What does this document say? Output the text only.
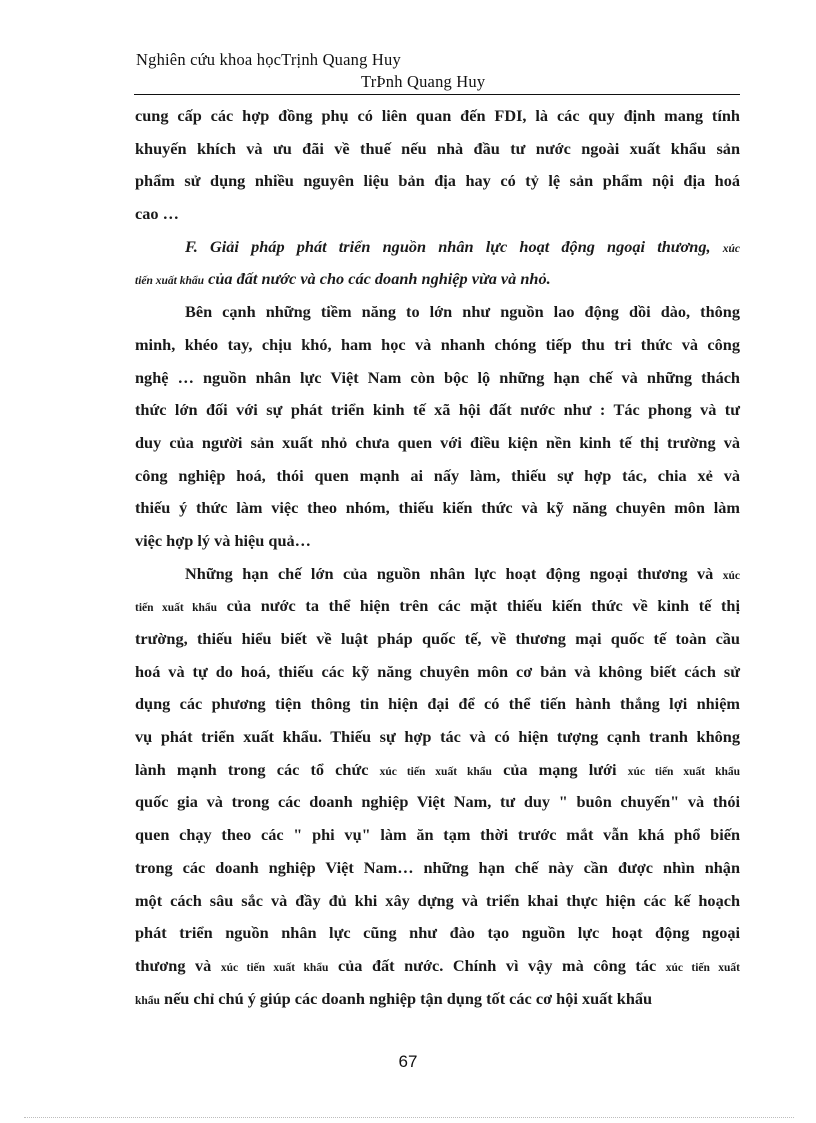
Nghiên cứu khoa họcTrịnh Quang Huy
TrÞnh Quang Huy
cung cấp các hợp đồng phụ có liên quan đến FDI, là các quy định mang tính
khuyến khích và ưu đãi về thuế nếu nhà đầu tư nước ngoài xuất khẩu sản
phẩm sử dụng nhiều nguyên liệu bản địa hay có tỷ lệ sản phẩm nội địa hoá
cao …
F. Giải pháp phát triển nguồn nhân lực hoạt động ngoại thương, xúc
tiến xuất khẩu của đất nước và cho các doanh nghiệp vừa và nhỏ.
Bên cạnh những tiềm năng to lớn như nguồn lao động dồi dào, thông
minh, khéo tay, chịu khó, ham học và nhanh chóng tiếp thu tri thức và công
nghệ … nguồn nhân lực Việt Nam còn bộc lộ những hạn chế và những thách
thức lớn đối với sự phát triển kinh tế xã hội đất nước như : Tác phong và tư
duy của người sản xuất nhỏ chưa quen với điều kiện nền kinh tế thị trường và
công nghiệp hoá, thói quen mạnh ai nấy làm, thiếu sự hợp tác, chia xẻ và
thiếu ý thức làm việc theo nhóm, thiếu kiến thức và kỹ năng chuyên môn làm
việc hợp lý và hiệu quả…
Những hạn chế lớn của nguồn nhân lực hoạt động ngoại thương và xúc
tiến xuất khẩu của nước ta thể hiện trên các mặt thiếu kiến thức về kinh tế thị
trường, thiếu hiểu biết về luật pháp quốc tế, về thương mại quốc tế toàn cầu
hoá và tự do hoá, thiếu các kỹ năng chuyên môn cơ bản và không biết cách sử
dụng các phương tiện thông tin hiện đại để có thể tiến hành thắng lợi nhiệm
vụ phát triển xuất khẩu. Thiếu sự hợp tác và có hiện tượng cạnh tranh không
lành mạnh trong các tổ chức xúc tiến xuất khẩu của mạng lưới xúc tiến xuất khẩu
quốc gia và trong các doanh nghiệp Việt Nam, tư duy " buôn chuyến" và thói
quen chạy theo các " phi vụ" làm ăn tạm thời trước mắt vẫn khá phổ biến
trong các doanh nghiệp Việt Nam… những hạn chế này cần được nhìn nhận
một cách sâu sắc và đầy đủ khi xây dựng và triển khai thực hiện các kế hoạch
phát triển nguồn nhân lực cũng như đào tạo nguồn lực hoạt động ngoại
thương và xúc tiến xuất khẩu của đất nước. Chính vì vậy mà công tác xúc tiến xuất
khẩu nếu chỉ chú ý giúp các doanh nghiệp tận dụng tốt các cơ hội xuất khẩu
67
